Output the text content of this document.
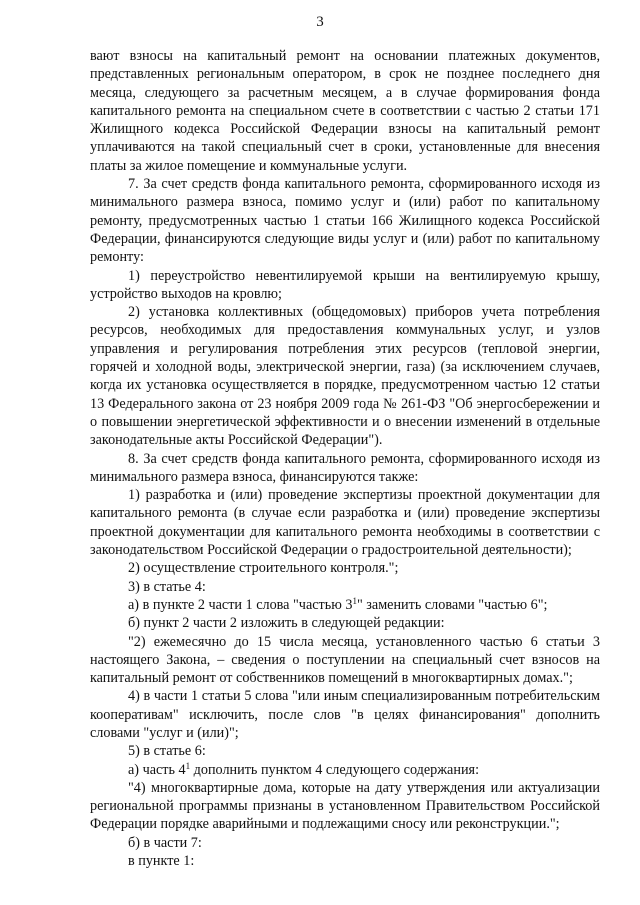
3

вают взносы на капитальный ремонт на основании платежных документов, представленных региональным оператором, в срок не позднее последнего дня месяца, следующего за расчетным месяцем, а в случае формирования фонда капитального ремонта на специальном счете в соответствии с частью 2 статьи 171 Жилищного кодекса Российской Федерации взносы на капитальный ремонт уплачиваются на такой специальный счет в сроки, установленные для внесения платы за жилое помещение и коммунальные услуги.

7. За счет средств фонда капитального ремонта, сформированного исходя из минимального размера взноса, помимо услуг и (или) работ по капитальному ремонту, предусмотренных частью 1 статьи 166 Жилищного кодекса Российской Федерации, финансируются следующие виды услуг и (или) работ по капитальному ремонту:

1) переустройство невентилируемой крыши на вентилируемую крышу, устройство выходов на кровлю;

2) установка коллективных (общедомовых) приборов учета потребления ресурсов, необходимых для предоставления коммунальных услуг, и узлов управления и регулирования потребления этих ресурсов (тепловой энергии, горячей и холодной воды, электрической энергии, газа) (за исключением случаев, когда их установка осуществляется в порядке, предусмотренном частью 12 статьи 13 Федерального закона от 23 ноября 2009 года № 261-ФЗ "Об энергосбережении и о повышении энергетической эффективности и о внесении изменений в отдельные законодательные акты Российской Федерации").

8. За счет средств фонда капитального ремонта, сформированного исходя из минимального размера взноса, финансируются также:

1) разработка и (или) проведение экспертизы проектной документации для капитального ремонта (в случае если разработка и (или) проведение экспертизы проектной документации для капитального ремонта необходимы в соответствии с законодательством Российской Федерации о градостроительной деятельности);

2) осуществление строительного контроля.";

3) в статье 4:

а) в пункте 2 части 1 слова "частью $3^1$" заменить словами "частью 6";

б) пункт 2 части 2 изложить в следующей редакции:

"2) ежемесячно до 15 числа месяца, установленного частью 6 статьи 3 настоящего Закона, – сведения о поступлении на специальный счет взносов на капитальный ремонт от собственников помещений в многоквартирных домах.";

4) в части 1 статьи 5 слова "или иным специализированным потребительским кооперативам" исключить, после слов "в целях финансирования" дополнить словами "услуг и (или)";

5) в статье 6:

а) часть $4^1$ дополнить пунктом 4 следующего содержания:

"4) многоквартирные дома, которые на дату утверждения или актуализации региональной программы признаны в установленном Правительством Российской Федерации порядке аварийными и подлежащими сносу или реконструкции.";

б) в части 7:

в пункте 1:
